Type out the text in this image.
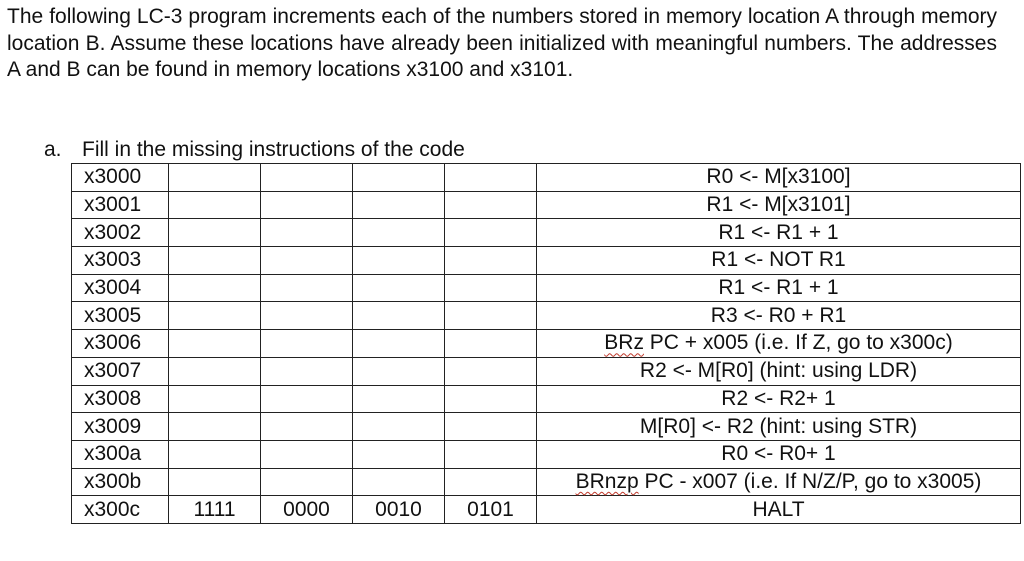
The following LC-3 program increments each of the numbers stored in memory location A through memory location B. Assume these locations have already been initialized with meaningful numbers. The addresses A and B can be found in memory locations x3100 and x3101.

a. Fill in the missing instructions of the code
x3000					R0 <- M[x3100]
x3001					R1 <- M[x3101]
x3002					R1 <- R1 + 1
x3003					R1 <- NOT R1
x3004					R1 <- R1 + 1
x3005					R3 <- R0 + R1
x3006					BRz PC + x005 (i.e. If Z, go to x300c)
x3007					R2 <- M[R0] (hint: using LDR)
x3008					R2 <- R2+ 1
x3009					M[R0] <- R2 (hint: using STR)
x300a					R0 <- R0+ 1
x300b					BRnzp PC - x007 (i.e. If N/Z/P, go to x3005)
x300c	1111	0000	0010	0101	HALT
